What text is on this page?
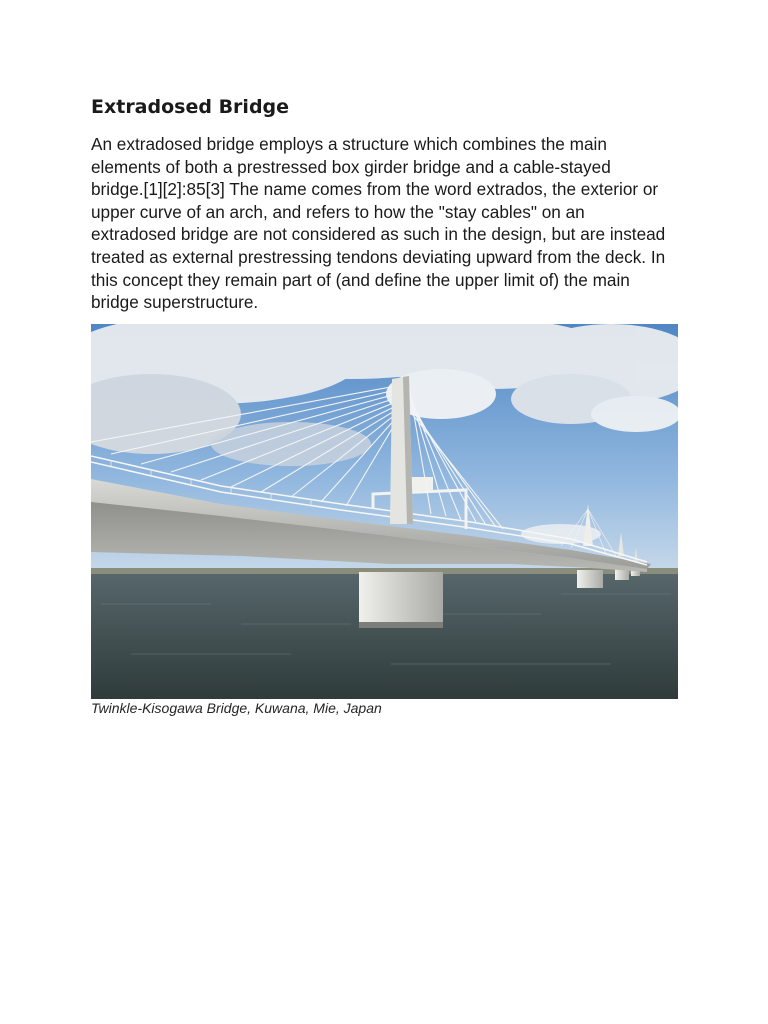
Extradosed Bridge
An extradosed bridge employs a structure which combines the main
elements of both a prestressed box girder bridge and a cable-stayed
bridge.[1][2]:85[3] The name comes from the word extrados, the exterior or
upper curve of an arch, and refers to how the "stay cables" on an
extradosed bridge are not considered as such in the design, but are instead
treated as external prestressing tendons deviating upward from the deck. In
this concept they remain part of (and define the upper limit of) the main
bridge superstructure.

Twinkle-Kisogawa Bridge, Kuwana, Mie, Japan
